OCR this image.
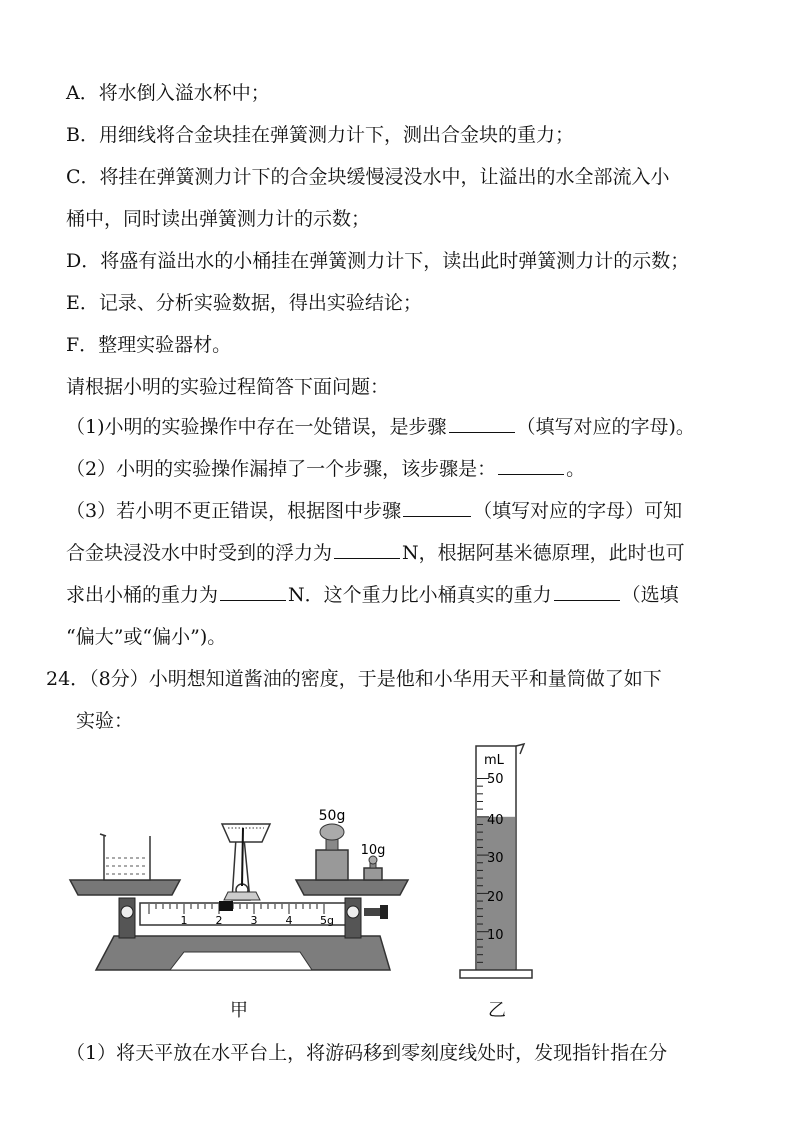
A．将水倒入溢水杯中；
B．用细线将合金块挂在弹簧测力计下，测出合金块的重力；
C．将挂在弹簧测力计下的合金块缓慢浸没水中，让溢出的水全部流入小
桶中，同时读出弹簧测力计的示数；
D．将盛有溢出水的小桶挂在弹簧测力计下，读出此时弹簧测力计的示数；
E．记录、分析实验数据，得出实验结论；
F．整理实验器材。
请根据小明的实验过程简答下面问题：
（1)小明的实验操作中存在一处错误，是步骤	（填写对应的字母)。
（2）小明的实验操作漏掉了一个步骤，该步骤是：	。
（3）若小明不更正错误，根据图中步骤	（填写对应的字母）可知
合金块浸没水中时受到的浮力为	N，根据阿基米德原理，此时也可
求出小桶的重力为	N．这个重力比小桶真实的重力	（选填
“偏大”或“偏小”)。
24．（8分）小明想知道酱油的密度，于是他和小华用天平和量筒做了如下
实验：
1	2	3	4	5g
50g
10g
mL
50
40
30
20
10
甲	乙
（1）将天平放在水平台上，将游码移到零刻度线处时，发现指针指在分
